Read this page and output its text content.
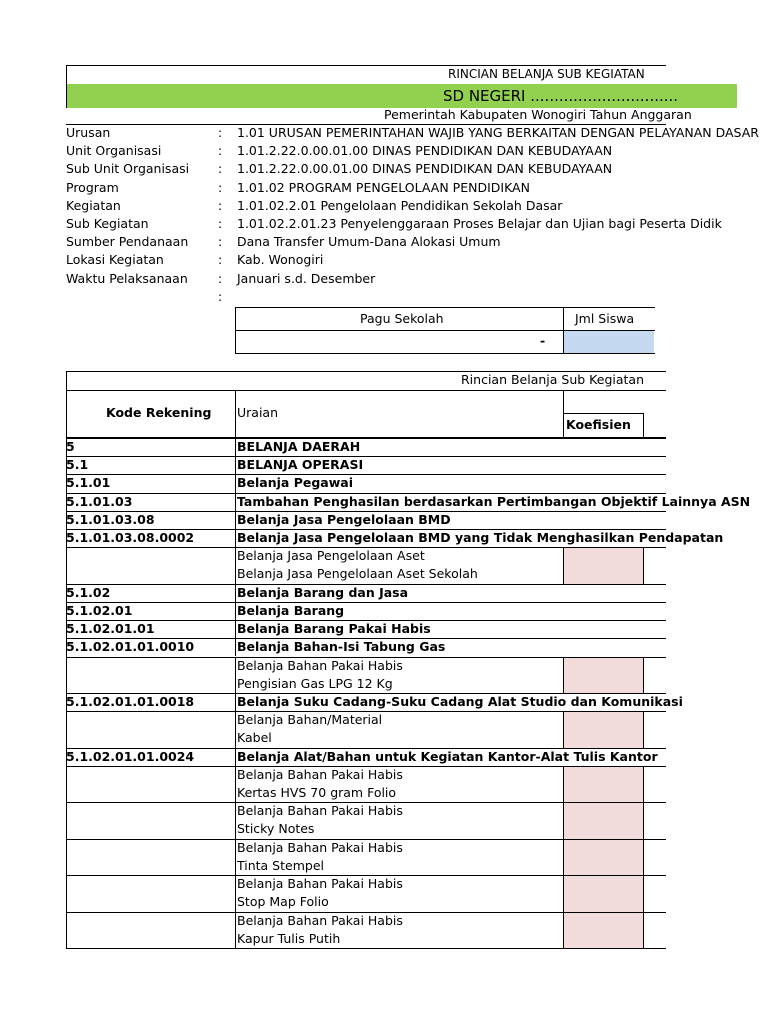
RINCIAN BELANJA SUB KEGIATAN
SD NEGERI ...............................
Pemerintah Kabupaten Wonogiri Tahun Anggaran
Urusan	: 1.01 URUSAN PEMERINTAHAN WAJIB YANG BERKAITAN DENGAN PELAYANAN DASAR
Unit Organisasi	: 1.01.2.22.0.00.01.00 DINAS PENDIDIKAN DAN KEBUDAYAAN
Sub Unit Organisasi : 1.01.2.22.0.00.01.00 DINAS PENDIDIKAN DAN KEBUDAYAAN
Program	: 1.01.02 PROGRAM PENGELOLAAN PENDIDIKAN
Kegiatan	: 1.01.02.2.01 Pengelolaan Pendidikan Sekolah Dasar
Sub Kegiatan	: 1.01.02.2.01.23 Penyelenggaraan Proses Belajar dan Ujian bagi Peserta Didik
Sumber Pendanaan : Dana Transfer Umum-Dana Alokasi Umum
Lokasi Kegiatan	: Kab. Wonogiri
Waktu Pelaksanaan : Januari s.d. Desember
:
Pagu Sekolah	Jml Siswa
-
Rincian Belanja Sub Kegiatan
Kode Rekening Uraian
Koefisien
5	BELANJA DAERAH
5.1	BELANJA OPERASI
5.1.01	Belanja Pegawai
5.1.01.03	Tambahan Penghasilan berdasarkan Pertimbangan Objektif Lainnya ASN
5.1.01.03.08	Belanja Jasa Pengelolaan BMD
5.1.01.03.08.0002	Belanja Jasa Pengelolaan BMD yang Tidak Menghasilkan Pendapatan
Belanja Jasa Pengelolaan Aset
Belanja Jasa Pengelolaan Aset Sekolah
5.1.02	Belanja Barang dan Jasa
5.1.02.01	Belanja Barang
5.1.02.01.01	Belanja Barang Pakai Habis
5.1.02.01.01.0010	Belanja Bahan-Isi Tabung Gas
Belanja Bahan Pakai Habis
Pengisian Gas LPG 12 Kg
5.1.02.01.01.0018	Belanja Suku Cadang-Suku Cadang Alat Studio dan Komunikasi
Belanja Bahan/Material
Kabel
5.1.02.01.01.0024	Belanja Alat/Bahan untuk Kegiatan Kantor-Alat Tulis Kantor
Belanja Bahan Pakai Habis
Kertas HVS 70 gram Folio
Belanja Bahan Pakai Habis
Sticky Notes
Belanja Bahan Pakai Habis
Tinta Stempel
Belanja Bahan Pakai Habis
Stop Map Folio
Belanja Bahan Pakai Habis
Kapur Tulis Putih
